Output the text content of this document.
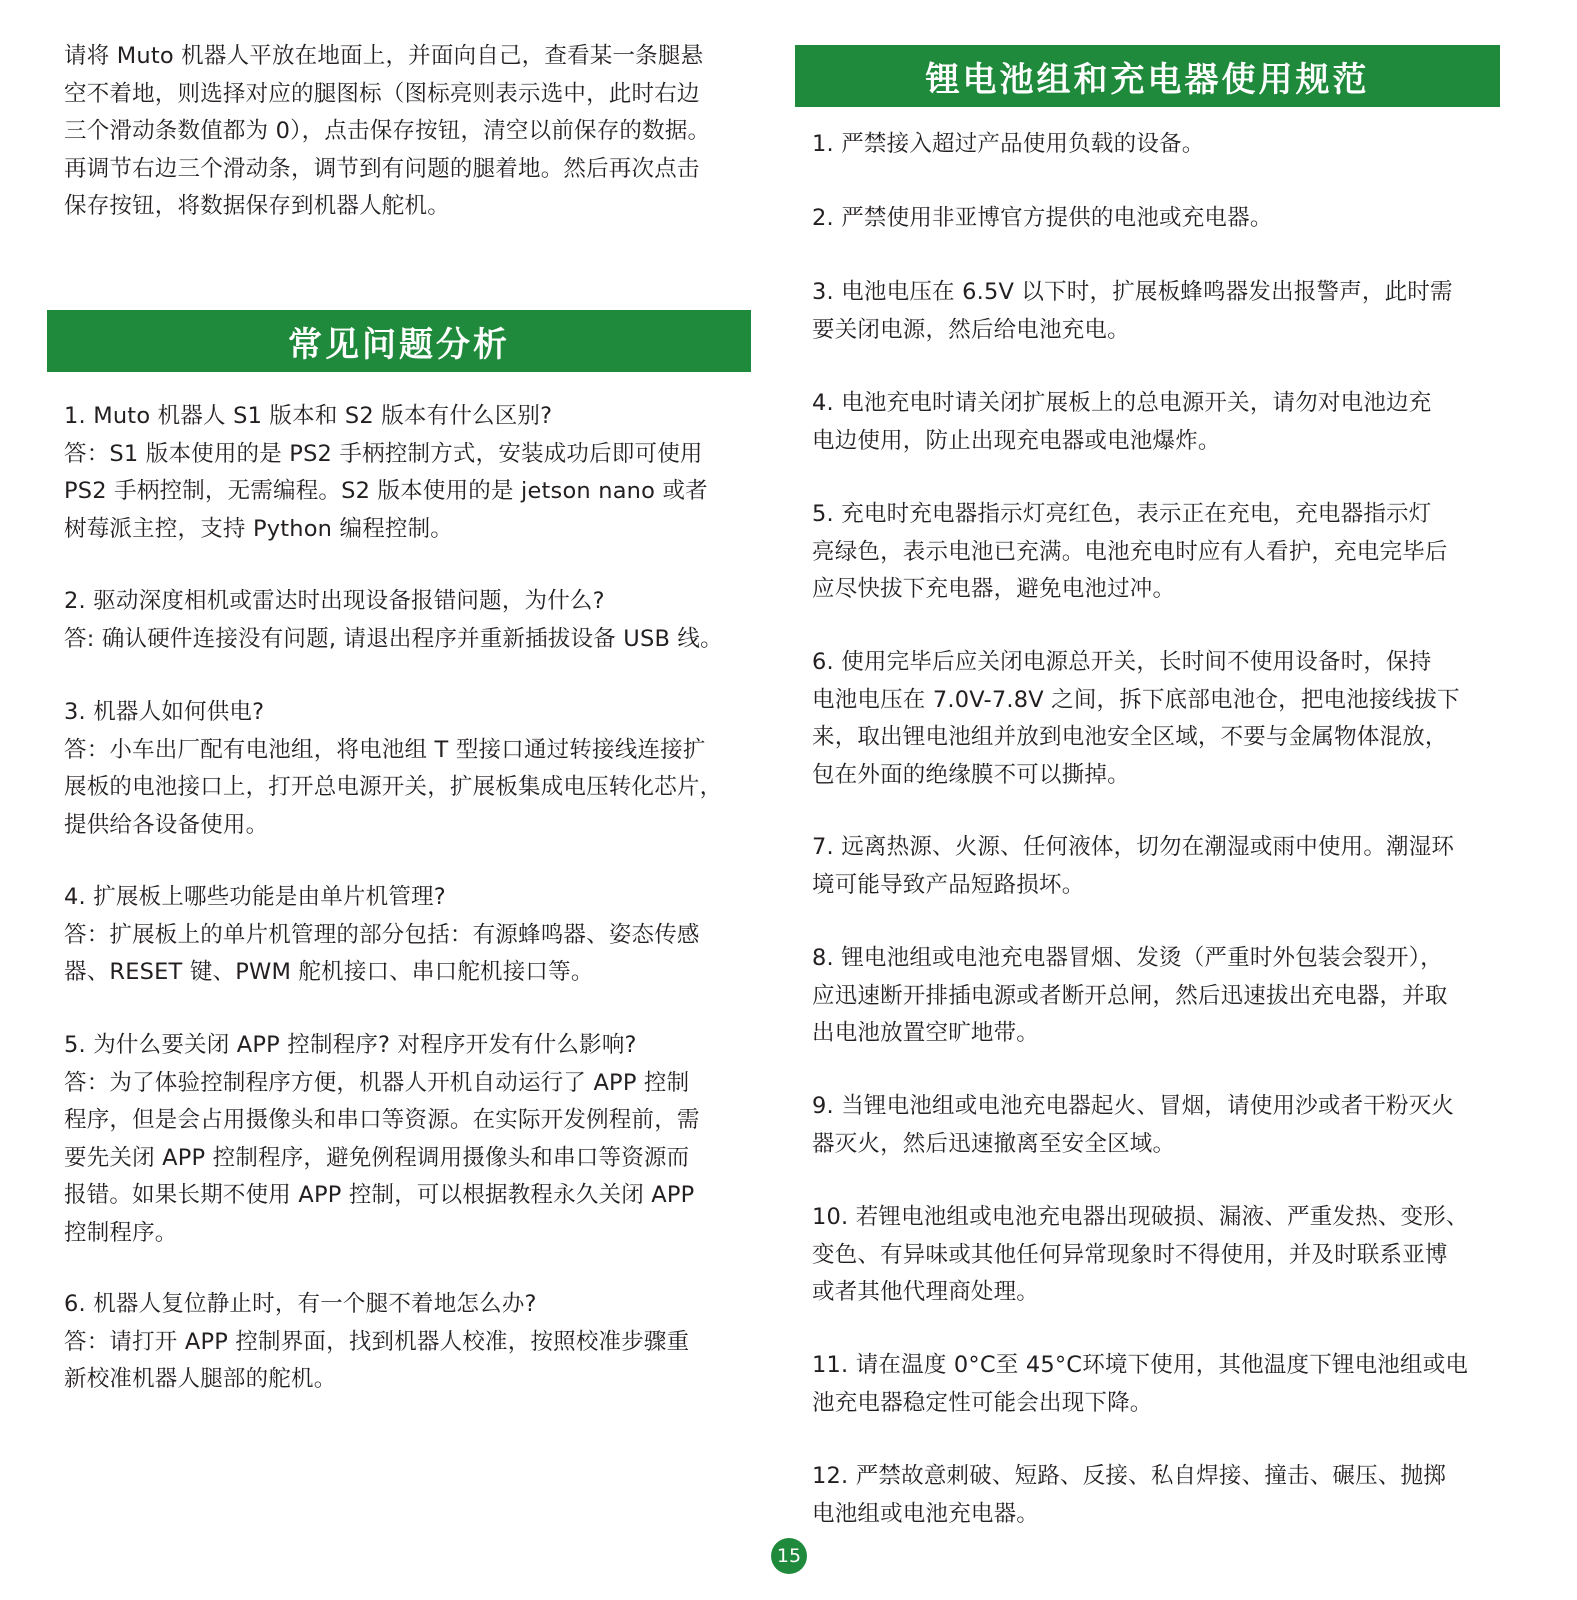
请将 Muto 机器人平放在地面上，并面向自己，查看某一条腿悬
空不着地，则选择对应的腿图标（图标亮则表示选中，此时右边
三个滑动条数值都为 0），点击保存按钮，清空以前保存的数据。
再调节右边三个滑动条，调节到有问题的腿着地。然后再次点击
保存按钮，将数据保存到机器人舵机。
常见问题分析
1. Muto 机器人 S1 版本和 S2 版本有什么区别?
答：S1 版本使用的是 PS2 手柄控制方式，安装成功后即可使用
PS2 手柄控制，无需编程。S2 版本使用的是 jetson nano 或者
树莓派主控，支持 Python 编程控制。
2. 驱动深度相机或雷达时出现设备报错问题，为什么?
答: 确认硬件连接没有问题, 请退出程序并重新插拔设备 USB 线。
3. 机器人如何供电?
答：小车出厂配有电池组，将电池组 T 型接口通过转接线连接扩
展板的电池接口上，打开总电源开关，扩展板集成电压转化芯片，
提供给各设备使用。
4. 扩展板上哪些功能是由单片机管理?
答：扩展板上的单片机管理的部分包括：有源蜂鸣器、姿态传感
器、RESET 键、PWM 舵机接口、串口舵机接口等。
5. 为什么要关闭 APP 控制程序? 对程序开发有什么影响?
答：为了体验控制程序方便，机器人开机自动运行了 APP 控制
程序，但是会占用摄像头和串口等资源。在实际开发例程前，需
要先关闭 APP 控制程序，避免例程调用摄像头和串口等资源而
报错。如果长期不使用 APP 控制，可以根据教程永久关闭 APP
控制程序。
6. 机器人复位静止时，有一个腿不着地怎么办?
答：请打开 APP 控制界面，找到机器人校准，按照校准步骤重
新校准机器人腿部的舵机。
锂电池组和充电器使用规范
1. 严禁接入超过产品使用负载的设备。
2. 严禁使用非亚博官方提供的电池或充电器。
3. 电池电压在 6.5V 以下时，扩展板蜂鸣器发出报警声，此时需
要关闭电源，然后给电池充电。
4. 电池充电时请关闭扩展板上的总电源开关，请勿对电池边充
电边使用，防止出现充电器或电池爆炸。
5. 充电时充电器指示灯亮红色，表示正在充电，充电器指示灯
亮绿色，表示电池已充满。电池充电时应有人看护，充电完毕后
应尽快拔下充电器，避免电池过冲。
6. 使用完毕后应关闭电源总开关，长时间不使用设备时，保持
电池电压在 7.0V-7.8V 之间，拆下底部电池仓，把电池接线拔下
来，取出锂电池组并放到电池安全区域，不要与金属物体混放，
包在外面的绝缘膜不可以撕掉。
7. 远离热源、火源、任何液体，切勿在潮湿或雨中使用。潮湿环
境可能导致产品短路损坏。
8. 锂电池组或电池充电器冒烟、发烫（严重时外包装会裂开），
应迅速断开排插电源或者断开总闸，然后迅速拔出充电器，并取
出电池放置空旷地带。
9. 当锂电池组或电池充电器起火、冒烟，请使用沙或者干粉灭火
器灭火，然后迅速撤离至安全区域。
10. 若锂电池组或电池充电器出现破损、漏液、严重发热、变形、
变色、有异味或其他任何异常现象时不得使用，并及时联系亚博
或者其他代理商处理。
11. 请在温度 0°C至 45°C环境下使用，其他温度下锂电池组或电
池充电器稳定性可能会出现下降。
12. 严禁故意刺破、短路、反接、私自焊接、撞击、碾压、抛掷
电池组或电池充电器。
15
